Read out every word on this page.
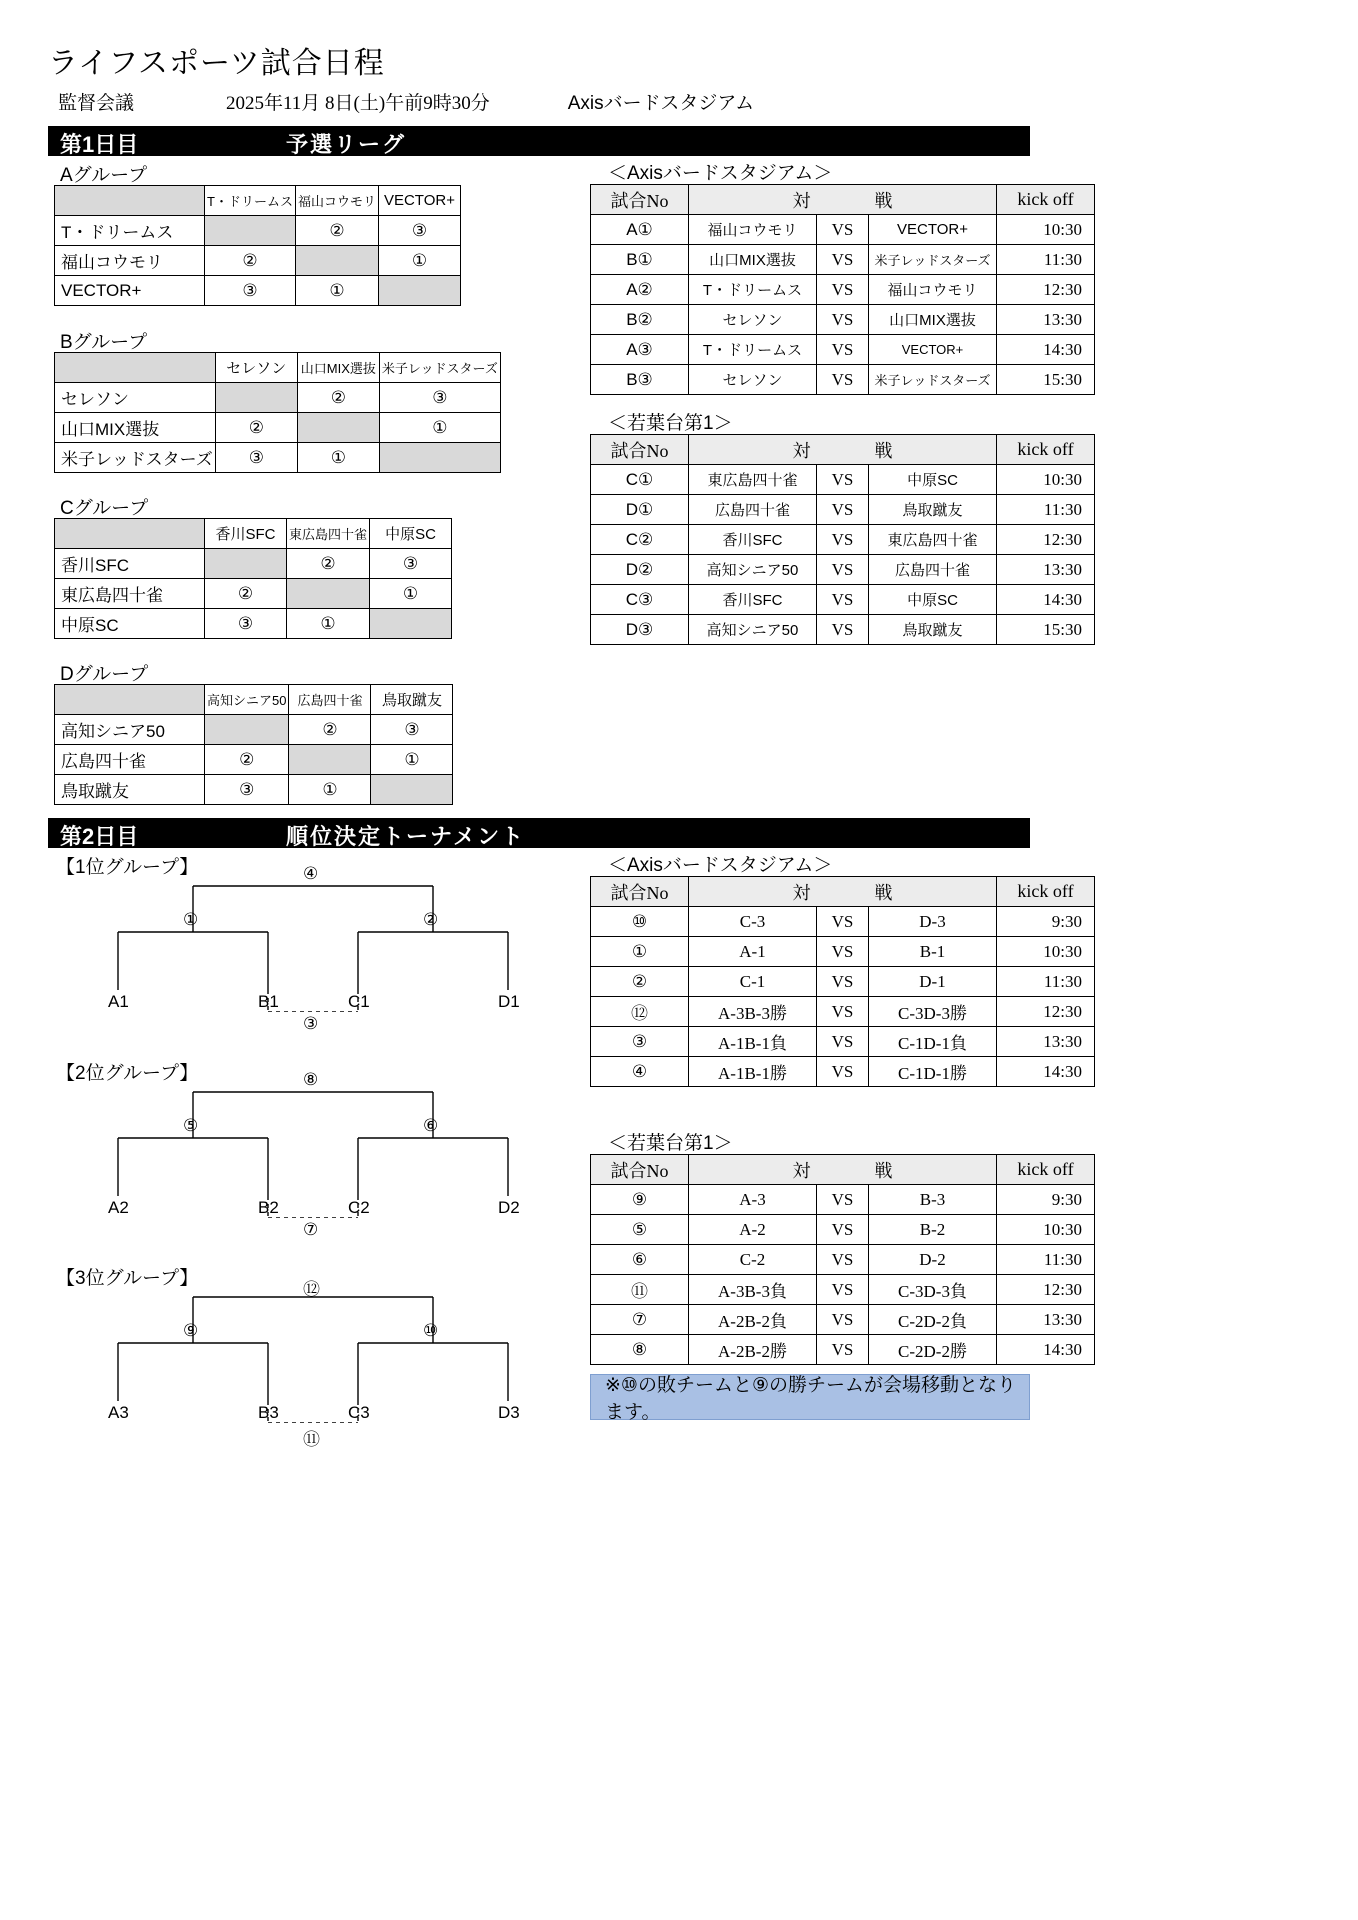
ライフスポーツ試合日程
監督会議	2025年11月 8日(土)午前9時30分	Axisバードスタジアム
第1日目	予選リーグ
Aグループ
	T・ドリームス	福山コウモリ	VECTOR+
T・ドリームス		②	③
福山コウモリ	②		①
VECTOR+	③	①	
Bグループ
	セレソン	山口MIX選抜	米子レッドスターズ
セレソン		②	③
山口MIX選抜	②		①
米子レッドスターズ	③	①	
Cグループ
	香川SFC	東広島四十雀	中原SC
香川SFC		②	③
東広島四十雀	②		①
中原SC	③	①	
Dグループ
	高知シニア50	広島四十雀	鳥取蹴友
高知シニア50		②	③
広島四十雀	②		①
鳥取蹴友	③	①	
＜Axisバードスタジアム＞
試合No	対 戦			kick off
A①	福山コウモリ	VS	VECTOR+	10:30
B①	山口MIX選抜	VS	米子レッドスターズ	11:30
A②	T・ドリームス	VS	福山コウモリ	12:30
B②	セレソン	VS	山口MIX選抜	13:30
A③	T・ドリームス	VS	VECTOR+	14:30
B③	セレソン	VS	米子レッドスターズ	15:30
＜若葉台第1＞
試合No	対 戦			kick off
C①	東広島四十雀	VS	中原SC	10:30
D①	広島四十雀	VS	鳥取蹴友	11:30
C②	香川SFC	VS	東広島四十雀	12:30
D②	高知シニア50	VS	広島四十雀	13:30
C③	香川SFC	VS	中原SC	14:30
D③	高知シニア50	VS	鳥取蹴友	15:30
第2日目	順位決定トーナメント
【1位グループ】
A1	B1	C1	D1
④
①	②
③
【2位グループ】
A2	B2	C2	D2
⑧
⑤	⑥
⑦
【3位グループ】
A3	B3	C3	D3
⑫
⑨	⑩
⑪
＜Axisバードスタジアム＞
試合No	対 戦			kick off
⑩	C-3	VS	D-3	9:30
①	A-1	VS	B-1	10:30
②	C-1	VS	D-1	11:30
⑫	A-3B-3勝	VS	C-3D-3勝	12:30
③	A-1B-1負	VS	C-1D-1負	13:30
④	A-1B-1勝	VS	C-1D-1勝	14:30
＜若葉台第1＞
試合No	対 戦			kick off
⑨	A-3	VS	B-3	9:30
⑤	A-2	VS	B-2	10:30
⑥	C-2	VS	D-2	11:30
⑪	A-3B-3負	VS	C-3D-3負	12:30
⑦	A-2B-2負	VS	C-2D-2負	13:30
⑧	A-2B-2勝	VS	C-2D-2勝	14:30
※⑩の敗チームと⑨の勝チームが会場移動となります。
